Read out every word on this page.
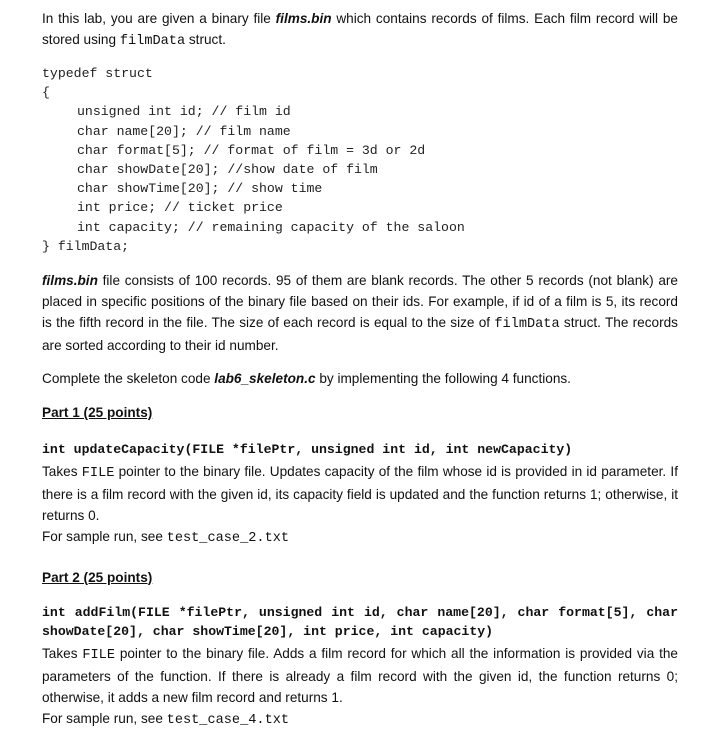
In this lab, you are given a binary file films.bin which contains records of films. Each film record will be stored using filmData struct.

typedef struct
{
unsigned int id; // film id
char name[20]; // film name
char format[5]; // format of film = 3d or 2d
char showDate[20]; //show date of film
char showTime[20]; // show time
int price; // ticket price
int capacity; // remaining capacity of the saloon
} filmData;

films.bin file consists of 100 records. 95 of them are blank records. The other 5 records (not blank) are placed in specific positions of the binary file based on their ids. For example, if id of a film is 5, its record is the fifth record in the file. The size of each record is equal to the size of filmData struct. The records are sorted according to their id number.

Complete the skeleton code lab6_skeleton.c by implementing the following 4 functions.

Part 1 (25 points)
int updateCapacity(FILE *filePtr, unsigned int id, int newCapacity)

Takes FILE pointer to the binary file. Updates capacity of the film whose id is provided in id parameter. If there is a film record with the given id, its capacity field is updated and the function returns 1; otherwise, it returns 0.

For sample run, see test_case_2.txt

Part 2 (25 points)
int addFilm(FILE *filePtr, unsigned int id, char name[20], char format[5], char showDate[20], char showTime[20], int price, int capacity)

Takes FILE pointer to the binary file. Adds a film record for which all the information is provided via the parameters of the function. If there is already a film record with the given id, the function returns 0; otherwise, it adds a new film record and returns 1.

For sample run, see test_case_4.txt
